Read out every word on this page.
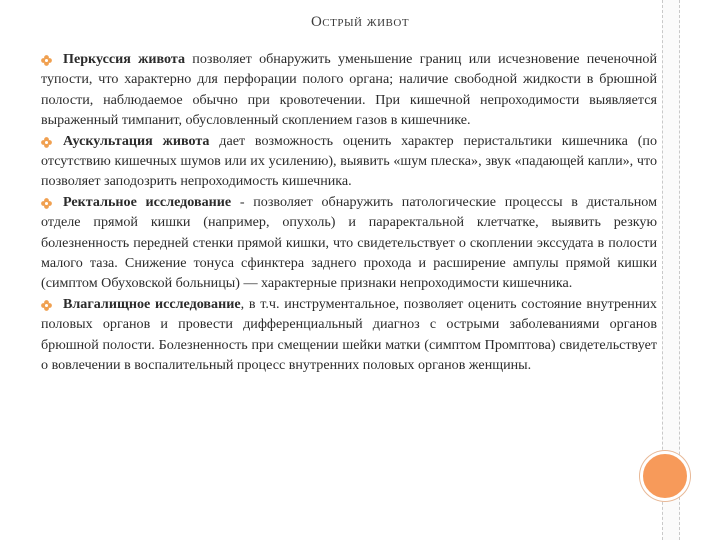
Острый живот

Перкуссия живота позволяет обнаружить уменьшение границ или исчезновение печеночной тупости, что характерно для перфорации полого органа; наличие свободной жидкости в брюшной полости, наблюдаемое обычно при кровотечении. При кишечной непроходимости выявляется выраженный тимпанит, обусловленный скоплением газов в кишечнике.

Аускультация живота дает возможность оценить характер перистальтики кишечника (по отсутствию кишечных шумов или их усилению), выявить «шум плеска», звук «падающей капли», что позволяет заподозрить непроходимость кишечника.

Ректальное исследование - позволяет обнаружить патологические процессы в дистальном отделе прямой кишки (например, опухоль) и параректальной клетчатке, выявить резкую болезненность передней стенки прямой кишки, что свидетельствует о скоплении экссудата в полости малого таза. Снижение тонуса сфинктера заднего прохода и расширение ампулы прямой кишки (симптом Обуховской больницы) — характерные признаки непроходимости кишечника.

Влагалищное исследование, в т.ч. инструментальное, позволяет оценить состояние внутренних половых органов и провести дифференциальный диагноз с острыми заболеваниями органов брюшной полости. Болезненность при смещении шейки матки (симптом Промптова) свидетельствует о вовлечении в воспалительный процесс внутренних половых органов женщины.
